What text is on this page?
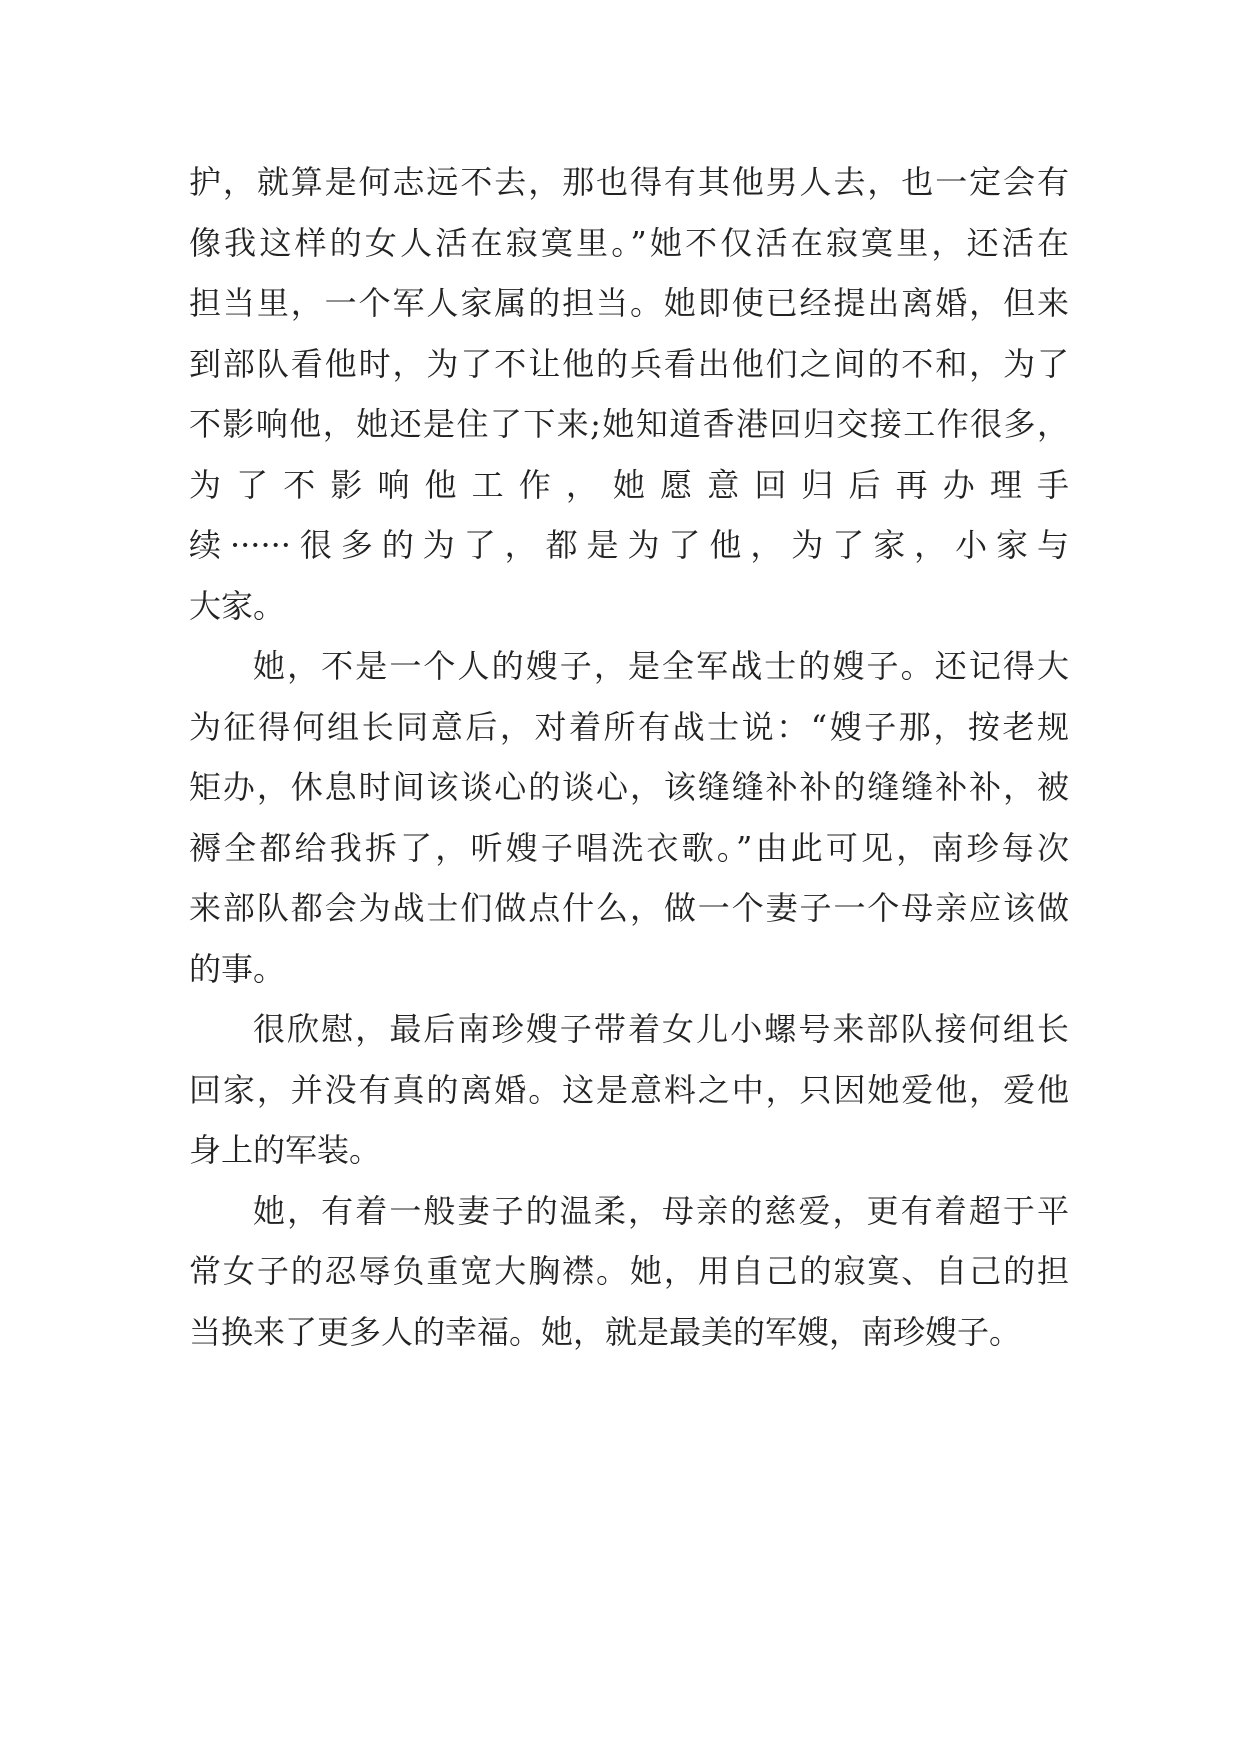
护，就算是何志远不去，那也得有其他男人去，也一定会有
像我这样的女人活在寂寞里。”她不仅活在寂寞里，还活在
担当里，一个军人家属的担当。她即使已经提出离婚，但来
到部队看他时，为了不让他的兵看出他们之间的不和，为了
不影响他，她还是住了下来;她知道香港回归交接工作很多，
为 了 不 影 响 他 工 作 ， 她 愿 意 回 归 后 再 办 理 手
续······很多的为了，都是为了他，为了家，小家与
大家。
她，不是一个人的嫂子，是全军战士的嫂子。还记得大
为征得何组长同意后，对着所有战士说：“嫂子那，按老规
矩办，休息时间该谈心的谈心，该缝缝补补的缝缝补补，被
褥全都给我拆了，听嫂子唱洗衣歌。”由此可见，南珍每次
来部队都会为战士们做点什么，做一个妻子一个母亲应该做
的事。
很欣慰，最后南珍嫂子带着女儿小螺号来部队接何组长
回家，并没有真的离婚。这是意料之中，只因她爱他，爱他
身上的军装。
她，有着一般妻子的温柔，母亲的慈爱，更有着超于平
常女子的忍辱负重宽大胸襟。她，用自己的寂寞、自己的担
当换来了更多人的幸福。她，就是最美的军嫂，南珍嫂子。
